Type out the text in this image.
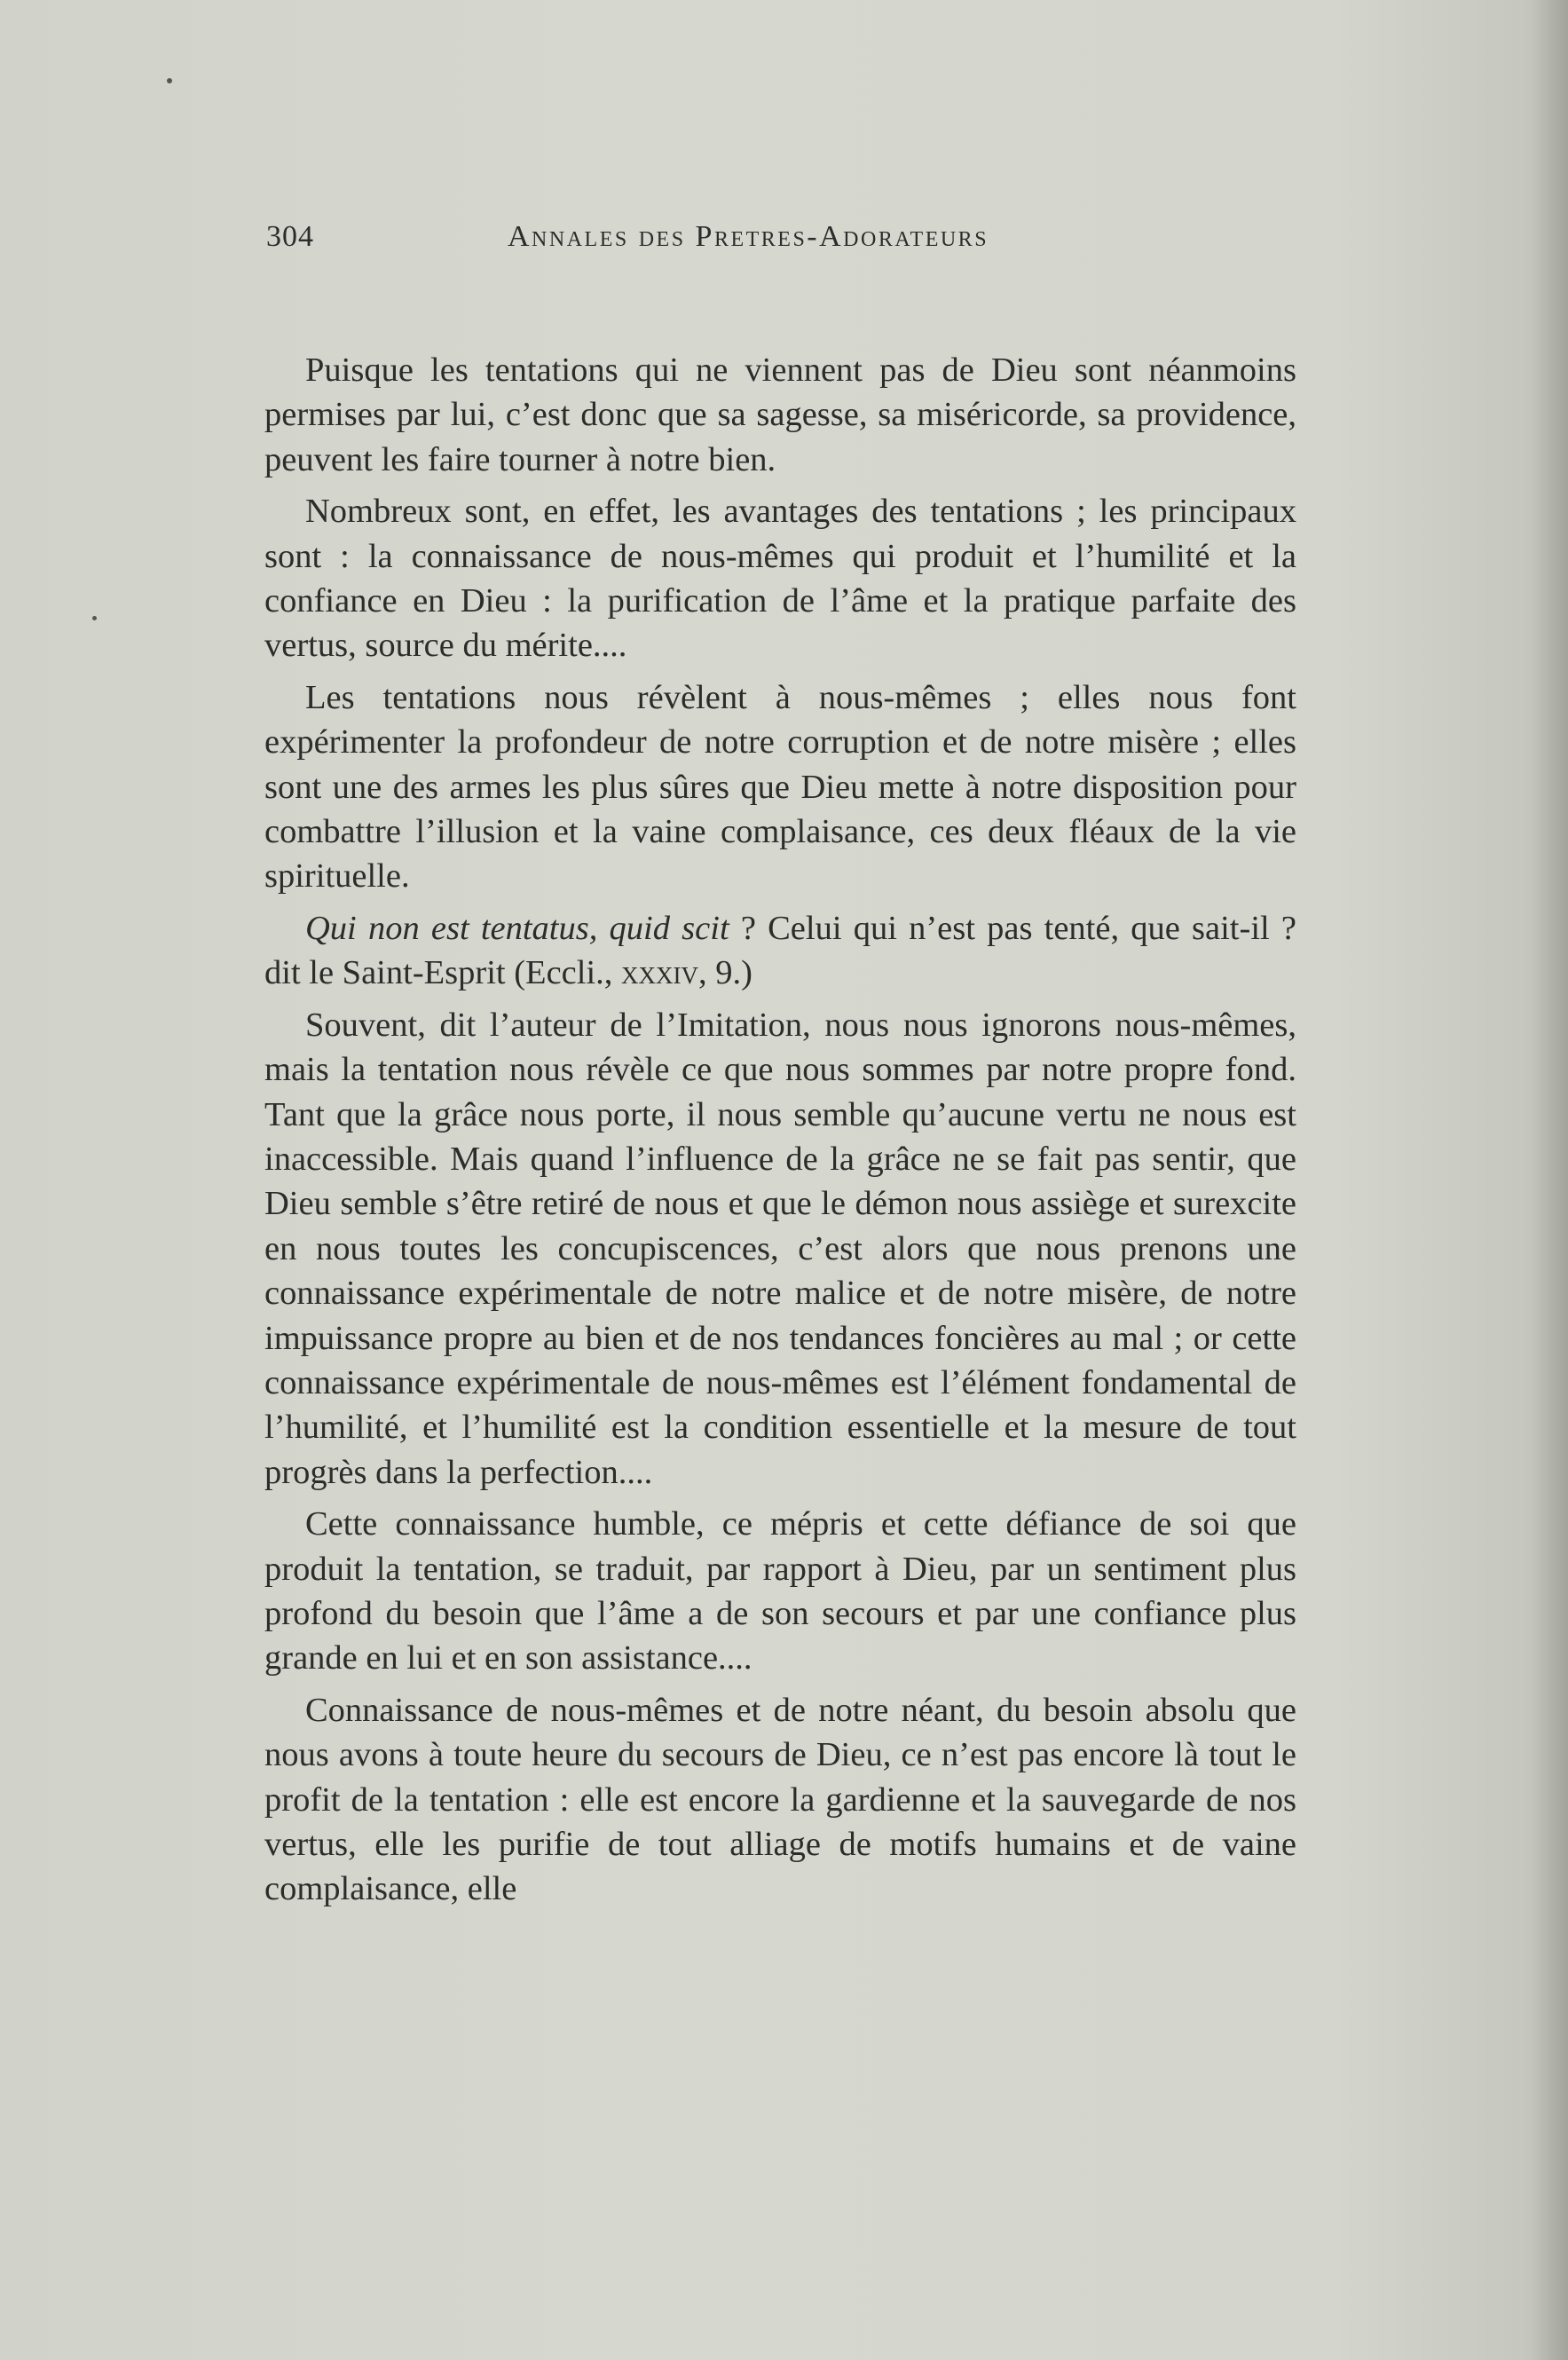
304	Annales des Pretres-Adorateurs

Puisque les tentations qui ne viennent pas de Dieu sont néanmoins permises par lui, c’est donc que sa sagesse, sa miséricorde, sa providence, peuvent les faire tourner à notre bien.

Nombreux sont, en effet, les avantages des tentations ; les principaux sont : la connaissance de nous-mêmes qui produit et l’humilité et la confiance en Dieu : la purification de l’âme et la pratique parfaite des vertus, source du mérite....

Les tentations nous révèlent à nous-mêmes ; elles nous font expérimenter la profondeur de notre corruption et de notre misère ; elles sont une des armes les plus sûres que Dieu mette à notre disposition pour combattre l’illusion et la vaine complaisance, ces deux fléaux de la vie spirituelle.

Qui non est tentatus, quid scit ? Celui qui n’est pas tenté, que sait-il ? dit le Saint-Esprit (Eccli., xxxiv, 9.)

Souvent, dit l’auteur de l’Imitation, nous nous ignorons nous-mêmes, mais la tentation nous révèle ce que nous sommes par notre propre fond. Tant que la grâce nous porte, il nous semble qu’aucune vertu ne nous est inaccessible. Mais quand l’influence de la grâce ne se fait pas sentir, que Dieu semble s’être retiré de nous et que le démon nous assiège et surexcite en nous toutes les concupiscences, c’est alors que nous prenons une connaissance expérimentale de notre malice et de notre misère, de notre impuissance propre au bien et de nos tendances foncières au mal ; or cette connaissance expérimentale de nous-mêmes est l’élément fondamental de l’humilité, et l’humilité est la condition essentielle et la mesure de tout progrès dans la perfection....

Cette connaissance humble, ce mépris et cette défiance de soi que produit la tentation, se traduit, par rapport à Dieu, par un sentiment plus profond du besoin que l’âme a de son secours et par une confiance plus grande en lui et en son assistance....

Connaissance de nous-mêmes et de notre néant, du besoin absolu que nous avons à toute heure du secours de Dieu, ce n’est pas encore là tout le profit de la tentation : elle est encore la gardienne et la sauvegarde de nos vertus, elle les purifie de tout alliage de motifs humains et de vaine complaisance, elle
